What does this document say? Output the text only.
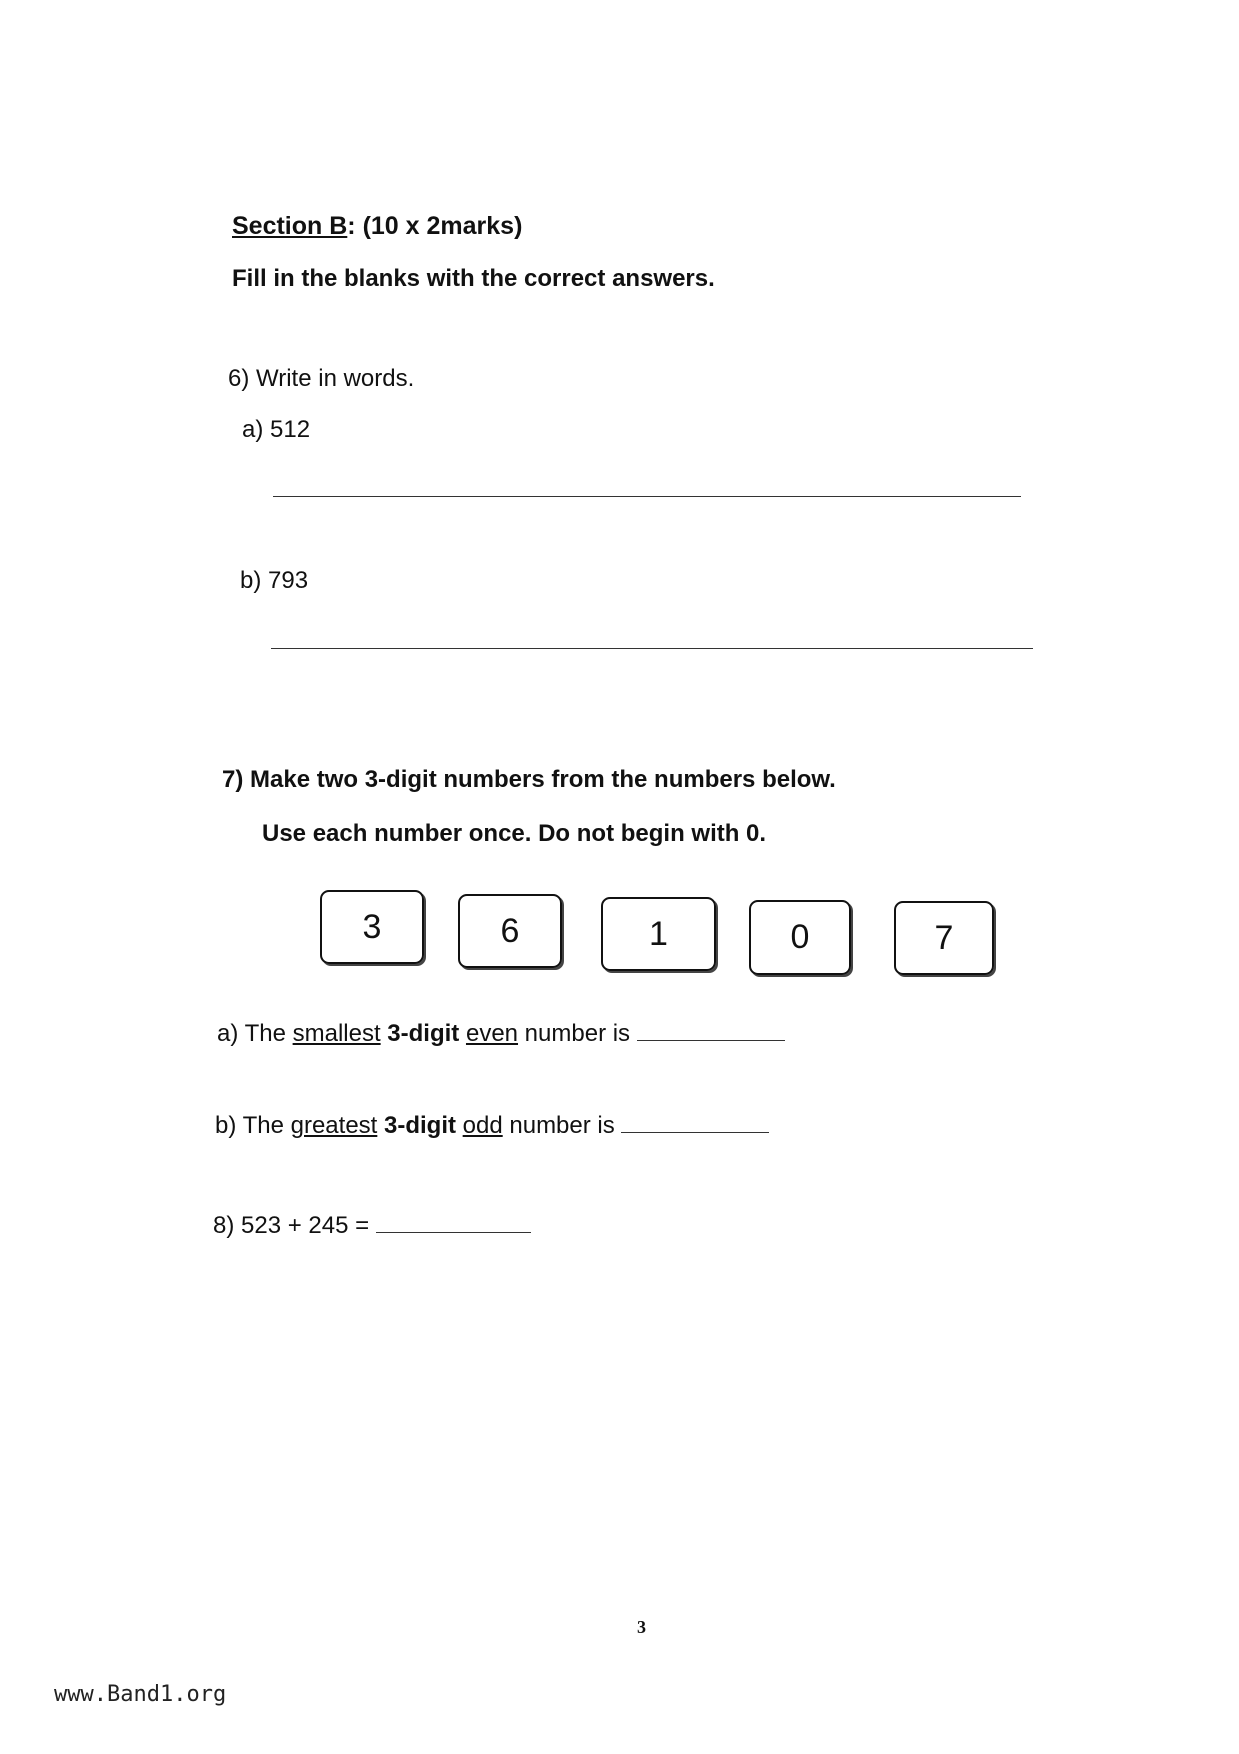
Section B: (10 x 2marks)
Fill in the blanks with the correct answers.
6) Write in words.
a) 512
b) 793
7) Make two 3-digit numbers from the numbers below.
Use each number once. Do not begin with 0.
3	6	1	0	7
a) The smallest 3-digit even number is
b) The greatest 3-digit odd number is
8) 523 + 245 =
3
www.Band1.org
